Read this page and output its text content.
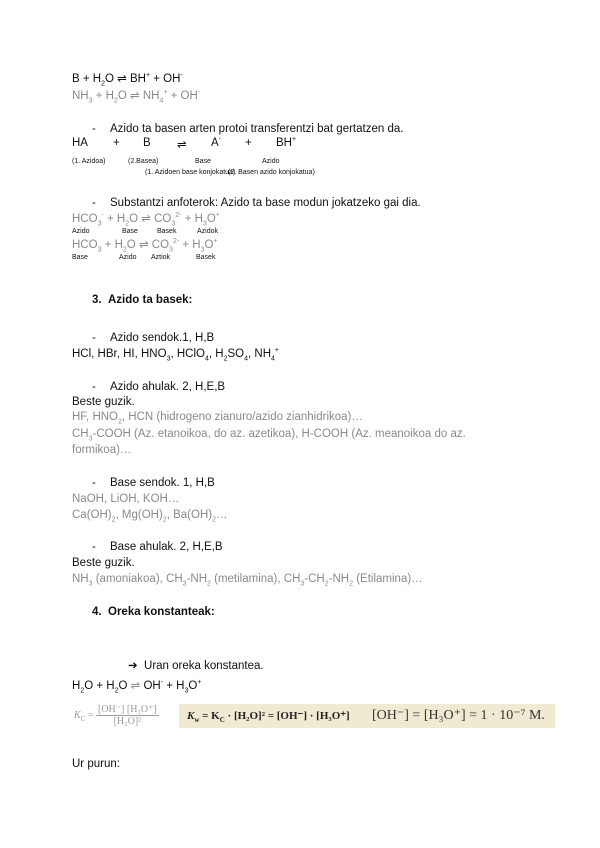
$B + H_2O$ ⇌ BH+ + OH-
$NH_3 + H_2O$ ⇌ $NH_4^+ + OH^-$
- Azido ta basen arten protoi transferentzi bat gertatzen da.
HA + B ⇌ A- + BH+
(1. Azidoa)	(2.Basea)	Base	Azido
(1. Azidoen base konjokatua)
(2. Basen azido konjokatua)
- Substantzi anfoterok: Azido ta base modun jokatzeko gai dia.
$HCO_3^- + H_2O$ ⇌ $CO_3^{2-} + H_3O^+$
Azido	Base	Basek	Azidok
$HCO_3 + H_2O$ ⇌ $CO_3^{2-} + H_3O^+$
Base	Azido Aztiok	Basek
3. Azido ta basek:
- Azido sendok.1, H,B
HCl, HBr, HI, $HNO_3$, HClO$_4$, $H_2SO_4$, $NH_4^+$
- Azido ahulak. 2, H,E,B
Beste guzik.
HF, $HNO_2$, HCN (hidrogeno zianuro/azido zianhidrikoa)…
$CH_3$-COOH (Az. etanoikoa, do az. azetikoa), H-COOH (Az. meanoikoa do az.
formikoa)…
- Base sendok. 1, H,B
NaOH, LiOH, KOH…
$Ca(OH)_2$, $Mg(OH)_2$, $Ba(OH)_2\dots$
- Base ahulak. 2, H,E,B
Beste guzik.
$NH_3$ (amoniakoa), $CH_3-NH_2$ (metilamina), $CH_3-CH_2-NH_2$ (Etilamina)…
4. Oreka konstanteak:
➔ Uran oreka konstantea.
$H_2O + H_2O$ ⇌ $OH^- + H_3O^+$
$K_C = \frac{\text{[OH⁻] [H₃O⁺]}}{\text{[H₂O]²}}$	$K_w = K_C \cdot [H_2O]^2 = [OH^-] \cdot [H_3O^+] [OH^-] = [H_3O^+] = 1 \cdot 10^{-7}$ M.
Ur purun:
